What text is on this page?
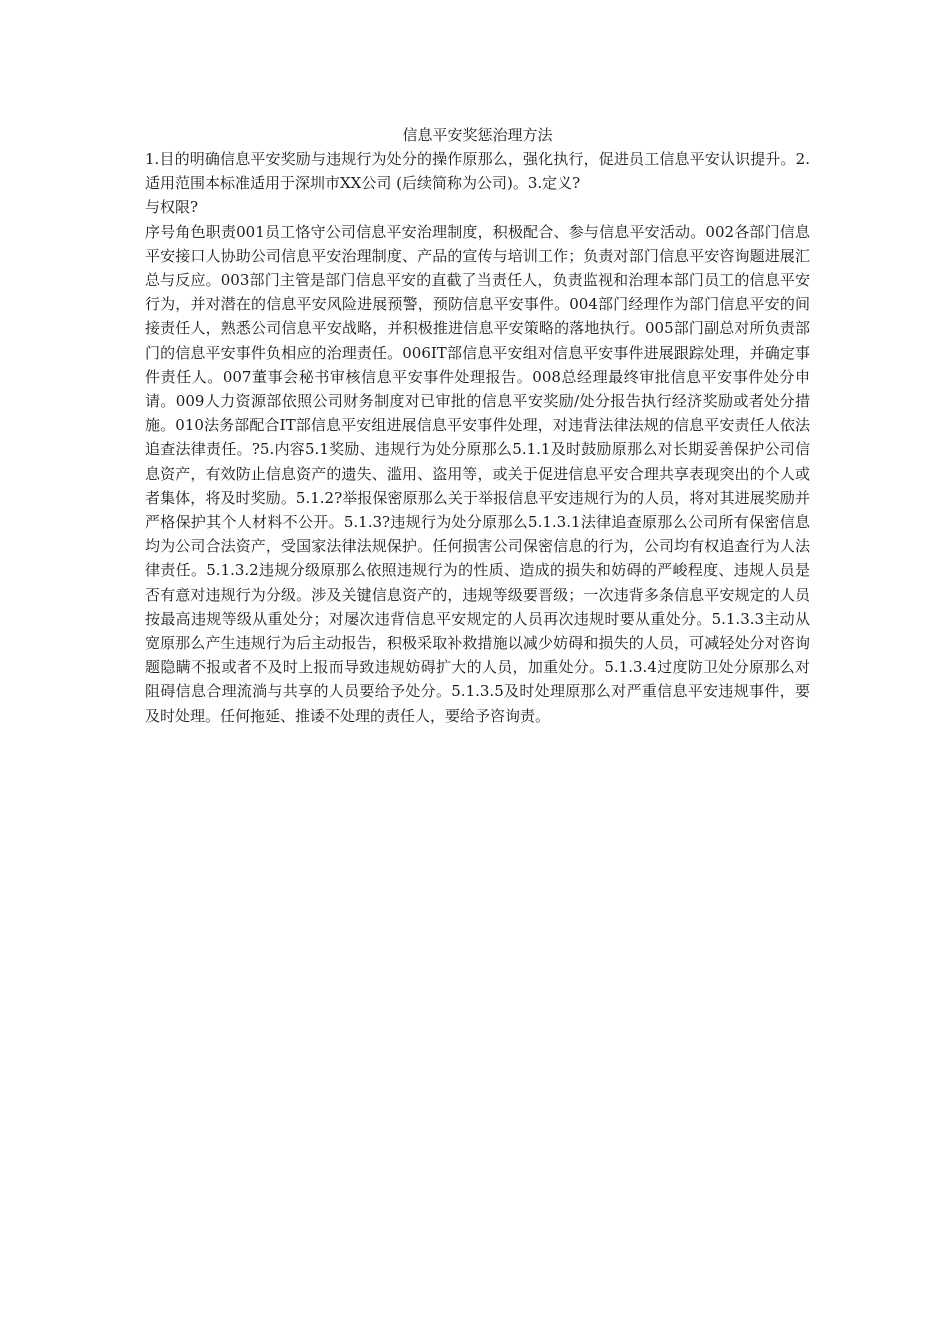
信息平安奖惩治理方法

1.目的明确信息平安奖励与违规行为处分的操作原那么，强化执行，促进员工信息平安认识提升。2.适用范围本标准适用于深圳市XX公司 (后续简称为公司)。3.定义?

与权限?

序号角色职责001员工恪守公司信息平安治理制度，积极配合、参与信息平安活动。002各部门信息平安接口人协助公司信息平安治理制度、产品的宣传与培训工作；负责对部门信息平安咨询题进展汇总与反应。003部门主管是部门信息平安的直截了当责任人，负责监视和治理本部门员工的信息平安行为，并对潜在的信息平安风险进展预警，预防信息平安事件。004部门经理作为部门信息平安的间接责任人，熟悉公司信息平安战略，并积极推进信息平安策略的落地执行。005部门副总对所负责部门的信息平安事件负相应的治理责任。006IT部信息平安组对信息平安事件进展跟踪处理，并确定事件责任人。007董事会秘书审核信息平安事件处理报告。008总经理最终审批信息平安事件处分申请。009人力资源部依照公司财务制度对已审批的信息平安奖励/处分报告执行经济奖励或者处分措施。010法务部配合IT部信息平安组进展信息平安事件处理，对违背法律法规的信息平安责任人依法追查法律责任。?5.内容5.1奖励、违规行为处分原那么5.1.1及时鼓励原那么对长期妥善保护公司信息资产，有效防止信息资产的遗失、滥用、盗用等，或关于促进信息平安合理共享表现突出的个人或者集体，将及时奖励。5.1.2?举报保密原那么关于举报信息平安违规行为的人员，将对其进展奖励并严格保护其个人材料不公开。5.1.3?违规行为处分原那么5.1.3.1法律追查原那么公司所有保密信息均为公司合法资产，受国家法律法规保护。任何损害公司保密信息的行为，公司均有权追查行为人法律责任。5.1.3.2违规分级原那么依照违规行为的性质、造成的损失和妨碍的严峻程度、违规人员是否有意对违规行为分级。涉及关键信息资产的，违规等级要晋级；一次违背多条信息平安规定的人员按最高违规等级从重处分；对屡次违背信息平安规定的人员再次违规时要从重处分。5.1.3.3主动从宽原那么产生违规行为后主动报告，积极采取补救措施以减少妨碍和损失的人员，可减轻处分对咨询题隐瞒不报或者不及时上报而导致违规妨碍扩大的人员，加重处分。5.1.3.4过度防卫处分原那么对阻碍信息合理流淌与共享的人员要给予处分。5.1.3.5及时处理原那么对严重信息平安违规事件，要及时处理。任何拖延、推诿不处理的责任人，要给予咨询责。
